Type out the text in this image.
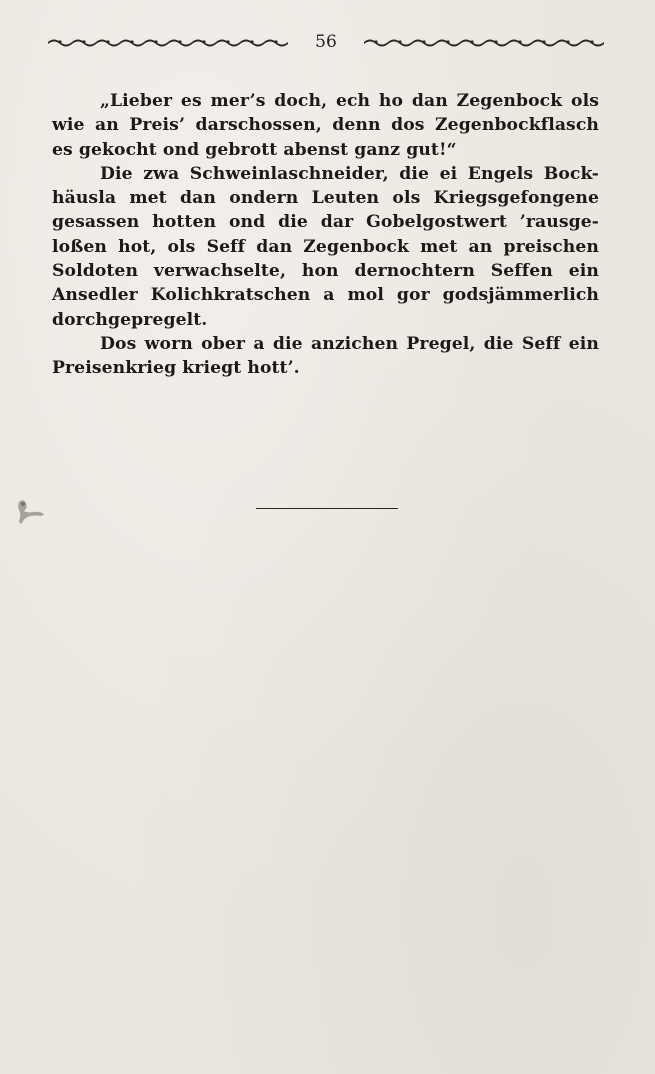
56

„Lieber es mer’s doch, ech ho dan Zegenbock ols wie an Preis’ darschossen, denn dos Zegenbockflasch es gekocht ond gebrott abenst ganz gut!“

Die zwa Schweinlaschneider, die ei Engels Bock-häusla met dan ondern Leuten ols Kriegsgefongene gesassen hotten ond die dar Gobelgostwert ’rausge-loßen hot, ols Seff dan Zegenbock met an preischen Soldoten verwachselte, hon dernochtern Seffen ein Ansedler Kolichkratschen a mol gor godsjämmerlich dorchgepregelt.

Dos worn ober a die anzichen Pregel, die Seff ein Preisenkrieg kriegt hott’.
